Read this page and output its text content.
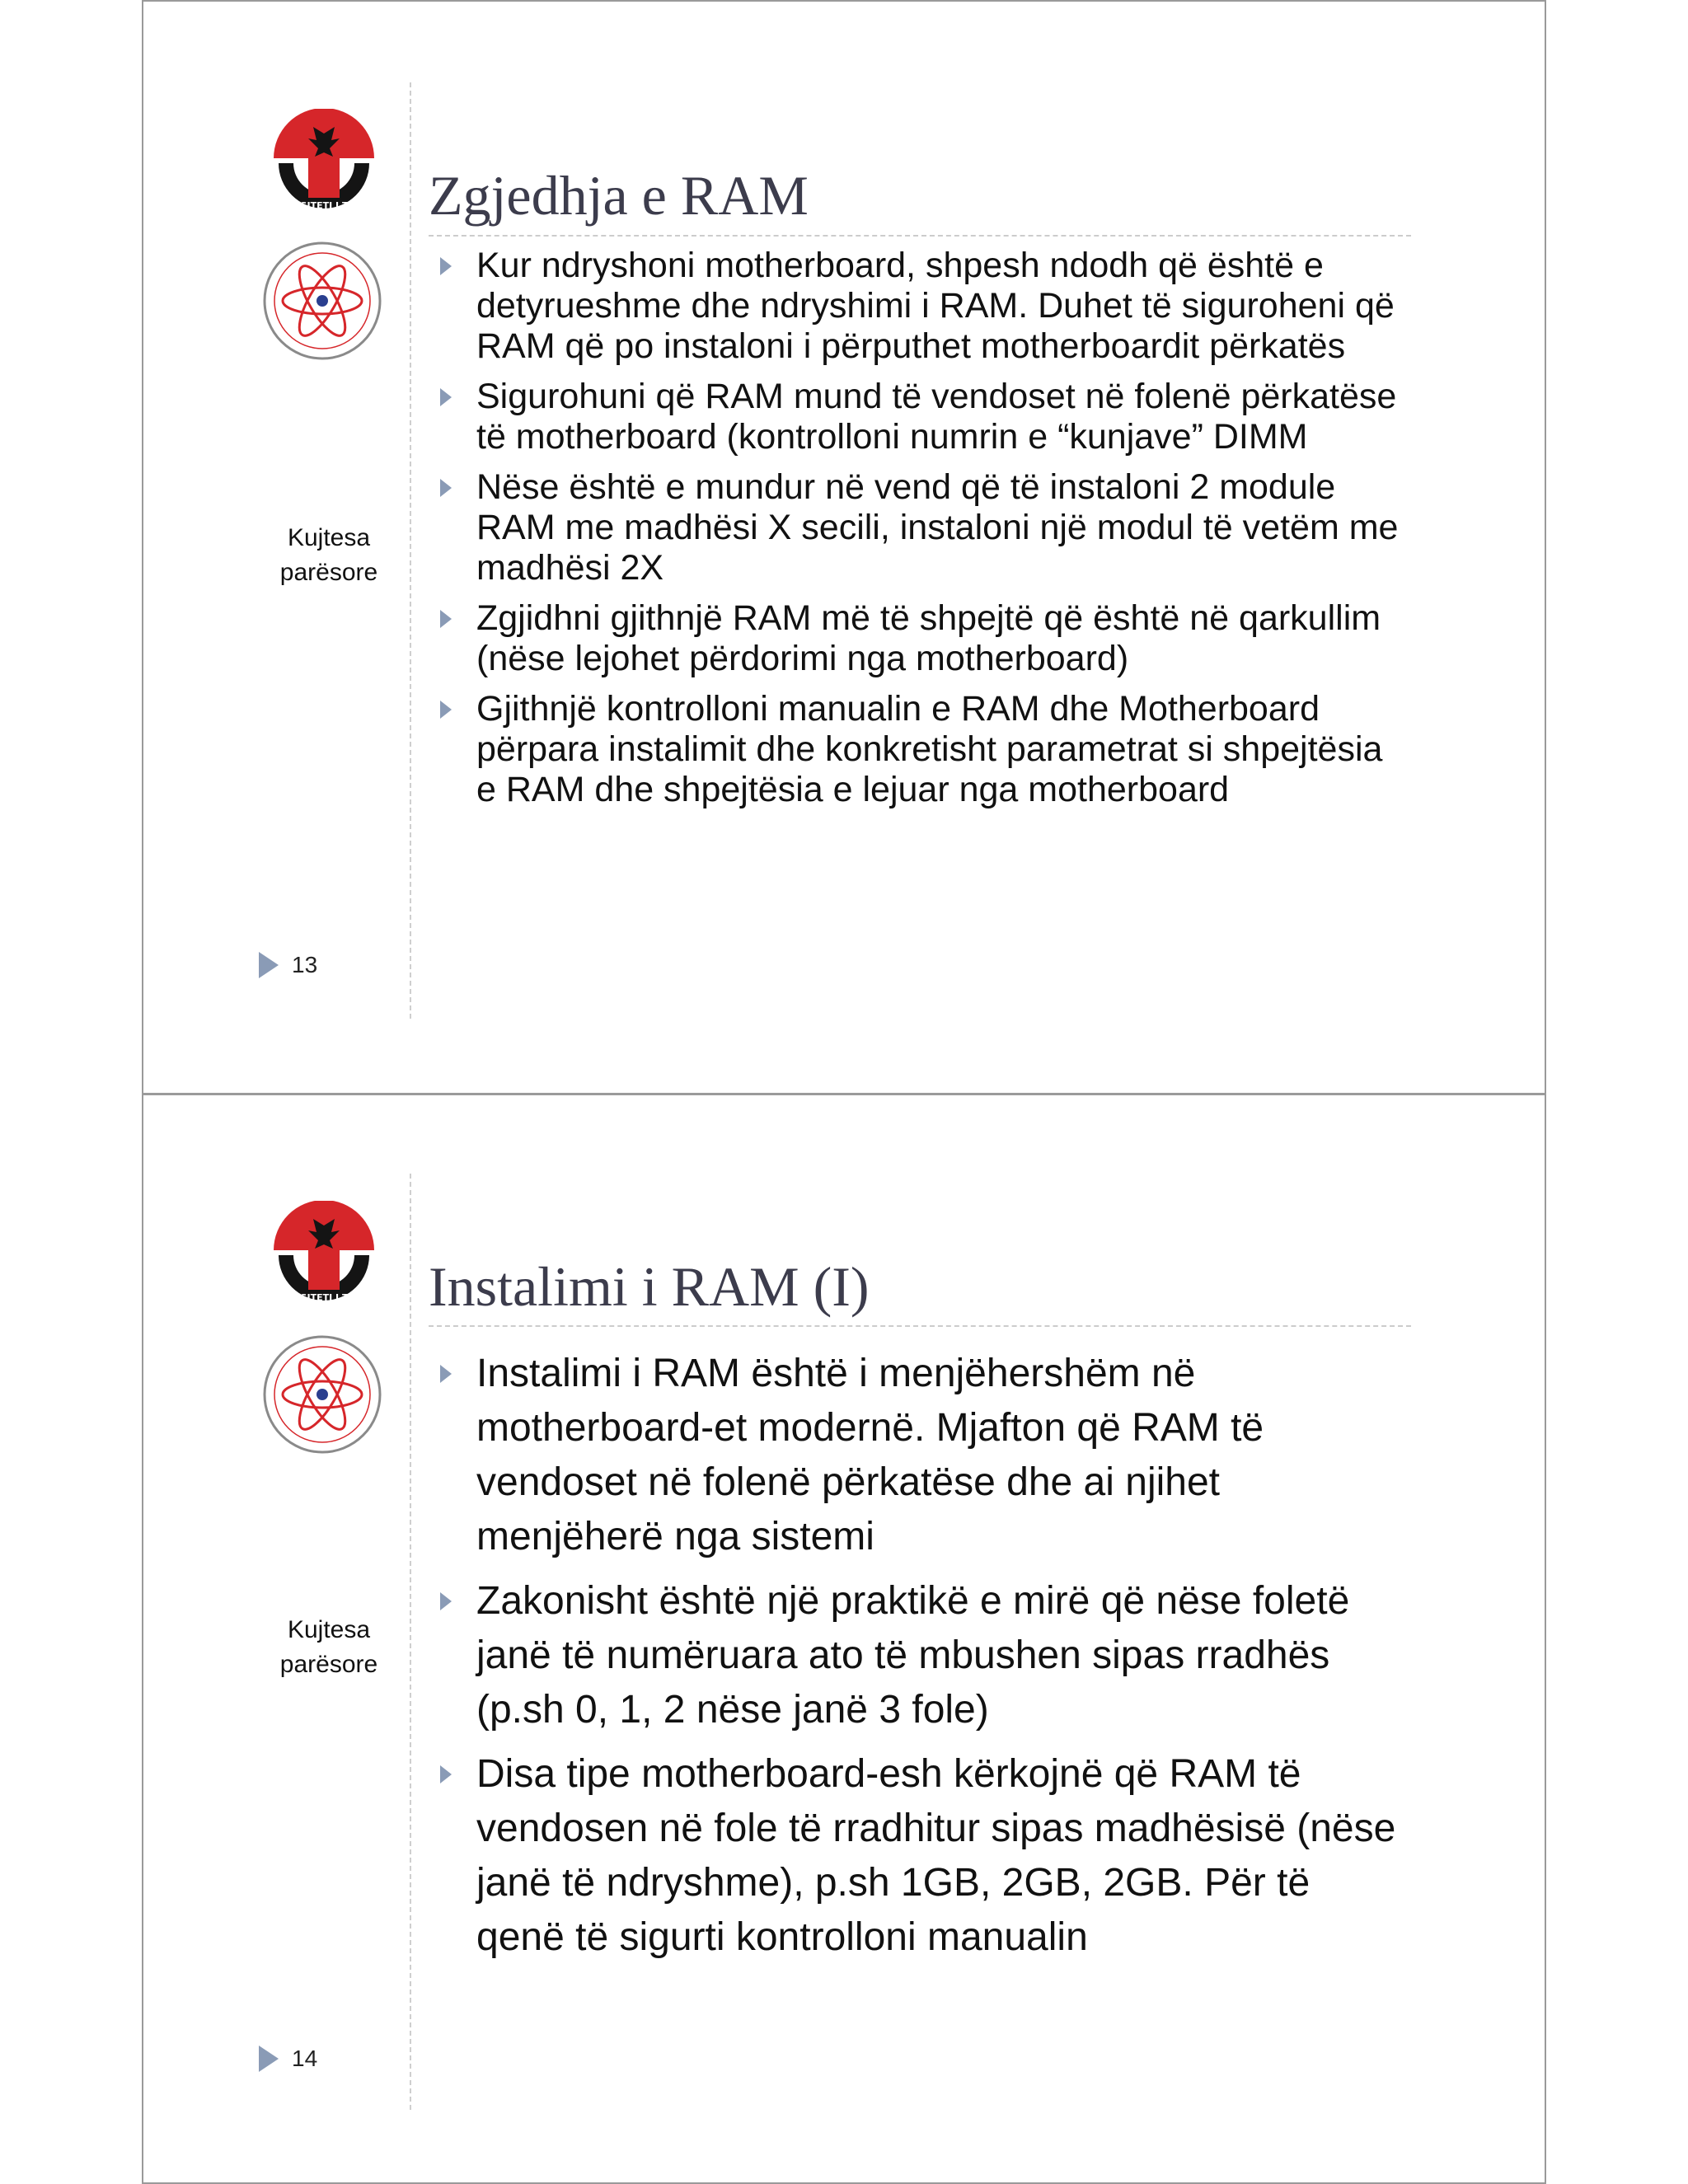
UNIVERSITETI I TIRANËS
Kujtesa
parësore
13
Zgjedhja e RAM
Kur ndryshoni motherboard, shpesh ndodh që është e detyrueshme dhe ndryshimi i RAM. Duhet të siguroheni që RAM që po instaloni i përputhet motherboardit përkatës
Sigurohuni që RAM mund të vendoset në folenë përkatëse të motherboard (kontrolloni numrin e “kunjave” DIMM
Nëse është e mundur në vend që të instaloni 2 module RAM me madhësi X secili, instaloni një modul të vetëm me madhësi 2X
Zgjidhni gjithnjë RAM më të shpejtë që është në qarkullim (nëse lejohet përdorimi nga motherboard)
Gjithnjë kontrolloni manualin e RAM dhe Motherboard përpara instalimit dhe konkretisht parametrat si shpejtësia e RAM dhe shpejtësia e lejuar nga motherboard
UNIVERSITETI I TIRANËS
Kujtesa
parësore
14
Instalimi i RAM (I)
Instalimi i RAM është i menjëhershëm në motherboard-et modernë. Mjafton që RAM të vendoset në folenë përkatëse dhe ai njihet menjëherë nga sistemi
Zakonisht është një praktikë e mirë që nëse foletë janë të numëruara ato të mbushen sipas rradhës (p.sh 0, 1, 2 nëse janë 3 fole)
Disa tipe motherboard-esh kërkojnë që RAM të vendosen në fole të rradhitur sipas madhësisë (nëse janë të ndryshme), p.sh 1GB, 2GB, 2GB. Për të qenë të sigurti kontrolloni manualin
